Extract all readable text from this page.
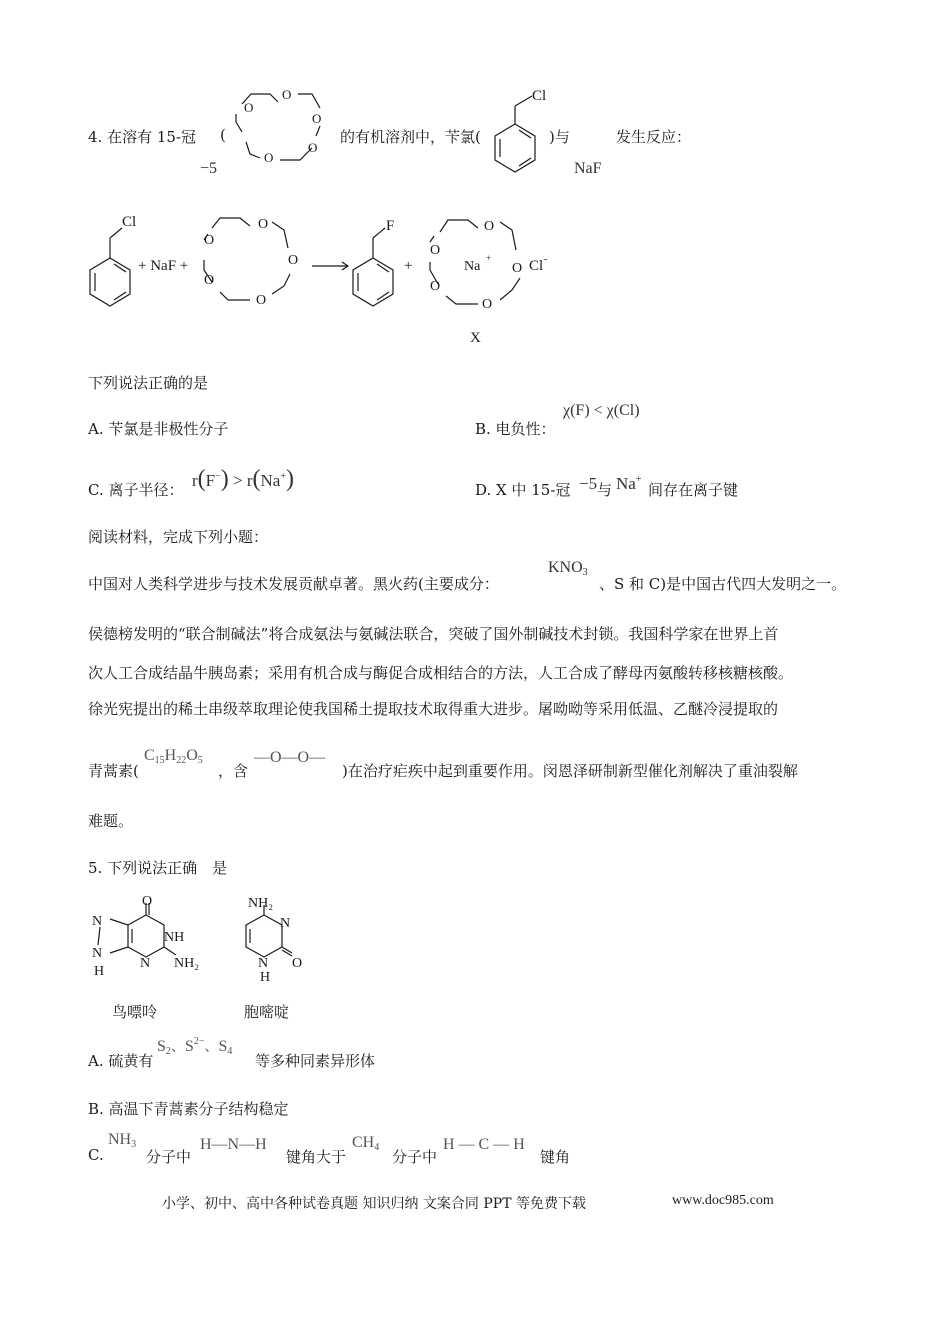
4. 在溶有 15-冠 (
O
O
O
O
O
−5
的有机溶剂中，苄氯(
Cl
)与
NaF
发生反应：
Cl
+ NaF +
O
O
O
O
O
F
+
O
O
O
O
O
Na
+	Cl -
X
下列说法正确的是
A. 苄氯是非极性分子	B. 电负性：
χ(F) < χ(Cl)
C. 离子半径： r(F−) > r(Na+)	D. X 中 15-冠 −5 与 Na+
间存在离子键
阅读材料，完成下列小题：
中国对人类科学进步与技术发展贡献卓著。黑火药(主要成分：
$KNO_3$
、S 和 C)是中国古代四大发明之一。
侯德榜发明的“联合制碱法”将合成氨法与氨碱法联合，突破了国外制碱技术封锁。我国科学家在世界上首
次人工合成结晶牛胰岛素；采用有机合成与酶促合成相结合的方法，人工合成了酵母丙氨酸转移核糖核酸。
徐光宪提出的稀土串级萃取理论使我国稀土提取技术取得重大进步。屠呦呦等采用低温、乙醚冷浸提取的
青蒿素(
$C_{15}H_{22}O_5$
，含
—O—O—
)在治疗疟疾中起到重要作用。闵恩泽研制新型催化剂解决了重油裂解
难题。
5. 下列说法正确　是
O
N
NH
N
N NH₂
H
鸟嘌呤
NH₂
N
N
H
O
胞嘧啶
A. 硫黄有
$S_2$、$S^{2-}$、$S_4$
等多种同素异形体
B. 高温下青蒿素分子结构稳定
C.
$NH_3$
分子中
H—N—H
键角大于
$CH_4$
分子中
H — C — H
键角
小学、初中、高中各种试卷真题 知识归纳 文案合同 PPT 等免费下载	www.doc985.com
